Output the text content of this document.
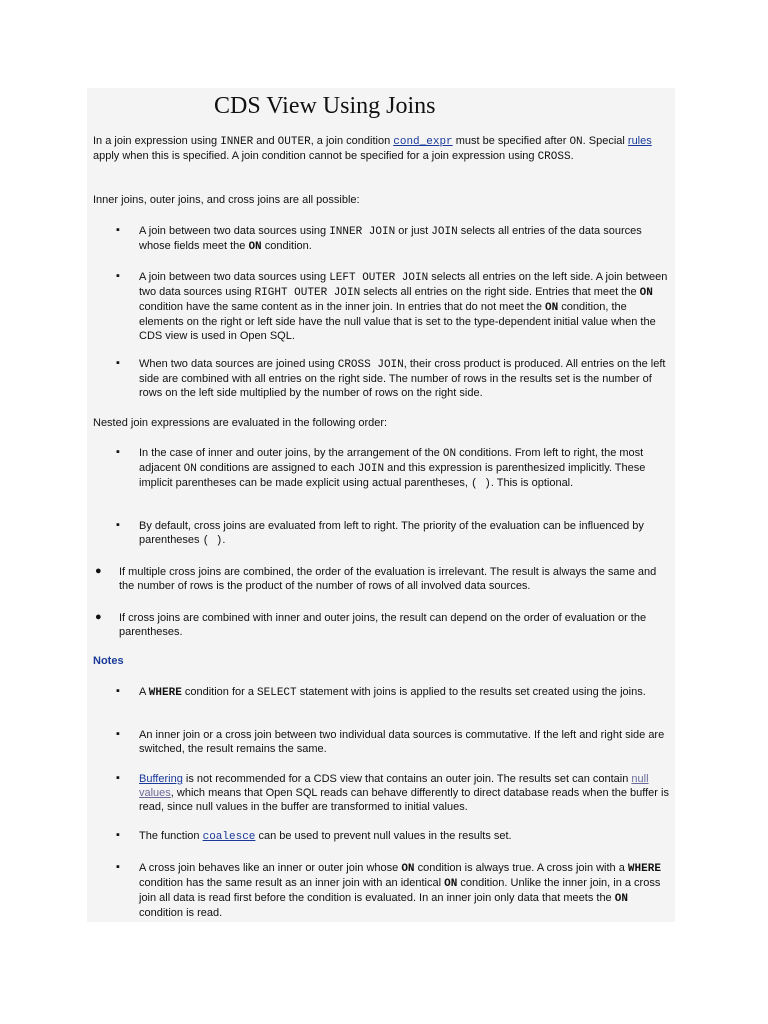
CDS View Using Joins
In a join expression using INNER and OUTER, a join condition cond_expr must be specified after ON. Special rules apply when this is specified. A join condition cannot be specified for a join expression using CROSS.
Inner joins, outer joins, and cross joins are all possible:
▪ A join between two data sources using INNER JOIN or just JOIN selects all entries of the data sources whose fields meet the ON condition.
▪ A join between two data sources using LEFT OUTER JOIN selects all entries on the left side. A join between two data sources using RIGHT OUTER JOIN selects all entries on the right side. Entries that meet the ON condition have the same content as in the inner join. In entries that do not meet the ON condition, the elements on the right or left side have the null value that is set to the type-dependent initial value when the CDS view is used in Open SQL.
▪ When two data sources are joined using CROSS JOIN, their cross product is produced. All entries on the left side are combined with all entries on the right side. The number of rows in the results set is the number of rows on the left side multiplied by the number of rows on the right side.
Nested join expressions are evaluated in the following order:
▪ In the case of inner and outer joins, by the arrangement of the ON conditions. From left to right, the most adjacent ON conditions are assigned to each JOIN and this expression is parenthesized implicitly. These implicit parentheses can be made explicit using actual parentheses, ( ). This is optional.
▪ By default, cross joins are evaluated from left to right. The priority of the evaluation can be influenced by parentheses ( ).
● If multiple cross joins are combined, the order of the evaluation is irrelevant. The result is always the same and the number of rows is the product of the number of rows of all involved data sources.
● If cross joins are combined with inner and outer joins, the result can depend on the order of evaluation or the parentheses.
Notes
▪ A WHERE condition for a SELECT statement with joins is applied to the results set created using the joins.
▪ An inner join or a cross join between two individual data sources is commutative. If the left and right side are switched, the result remains the same.
▪ Buffering is not recommended for a CDS view that contains an outer join. The results set can contain null values, which means that Open SQL reads can behave differently to direct database reads when the buffer is read, since null values in the buffer are transformed to initial values.
▪ The function coalesce can be used to prevent null values in the results set.
▪ A cross join behaves like an inner or outer join whose ON condition is always true. A cross join with a WHERE condition has the same result as an inner join with an identical ON condition. Unlike the inner join, in a cross join all data is read first before the condition is evaluated. In an inner join only data that meets the ON condition is read.
